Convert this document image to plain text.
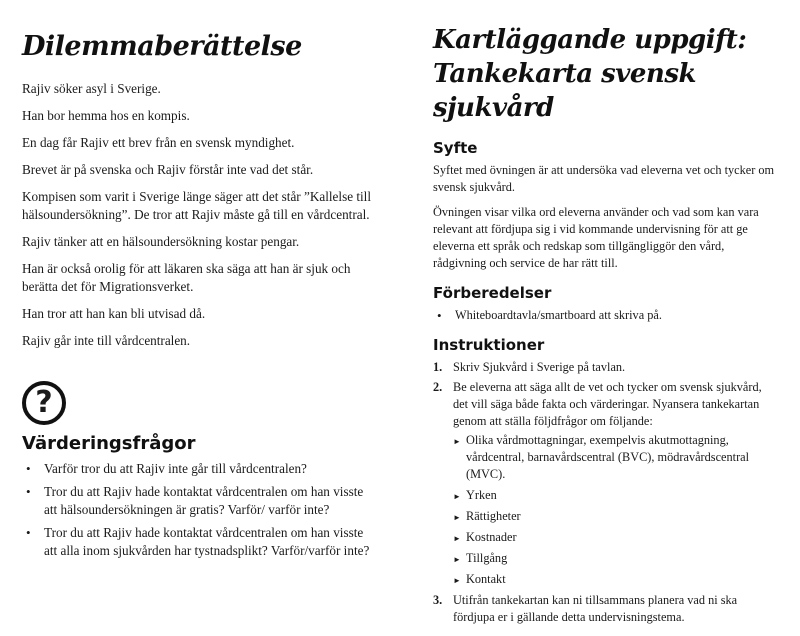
Dilemmaberättelse

Rajiv söker asyl i Sverige.

Han bor hemma hos en kompis.

En dag får Rajiv ett brev från en svensk myndighet.

Brevet är på svenska och Rajiv förstår inte vad det står.

Kompisen som varit i Sverige länge säger att det står ”Kallelse till hälsoundersökning”. De tror att Rajiv måste gå till en vårdcentral.

Rajiv tänker att en hälsoundersökning kostar pengar.

Han är också orolig för att läkaren ska säga att han är sjuk och berätta det för Migrationsverket.

Han tror att han kan bli utvisad då.

Rajiv går inte till vårdcentralen.

?
Värderingsfrågor
• Varför tror du att Rajiv inte går till vårdcentralen?
• Tror du att Rajiv hade kontaktat vårdcentralen om han visste att hälsoundersökningen är gratis? Varför/ varför inte?
• Tror du att Rajiv hade kontaktat vårdcentralen om han visste att alla inom sjukvården har tystnadsplikt? Varför/varför inte?
Kartläggande uppgift:
Tankekarta svensk sjukvård
Syfte

Syftet med övningen är att undersöka vad eleverna vet och tycker om svensk sjukvård.

Övningen visar vilka ord eleverna använder och vad som kan vara relevant att fördjupa sig i vid kommande undervisning för att ge eleverna ett språk och redskap som tillgängliggör den vård, rådgivning och service de har rätt till.

Förberedelser
• Whiteboardtavla/smartboard att skriva på.
Instruktioner
1. Skriv Sjukvård i Sverige på tavlan.
2. Be eleverna att säga allt de vet och tycker om svensk sjukvård, det vill säga både fakta och värderingar. Nyansera tankekartan genom att ställa följdfrågor om följande:
► Olika vårdmottagningar, exempelvis akutmottagning, vårdcentral, barnavårdscentral (BVC), mödravårdscentral (MVC).
► Yrken
► Rättigheter
► Kostnader
► Tillgång
► Kontakt
3. Utifrån tankekartan kan ni tillsammans planera vad ni ska fördjupa er i gällande detta undervisningstema.
